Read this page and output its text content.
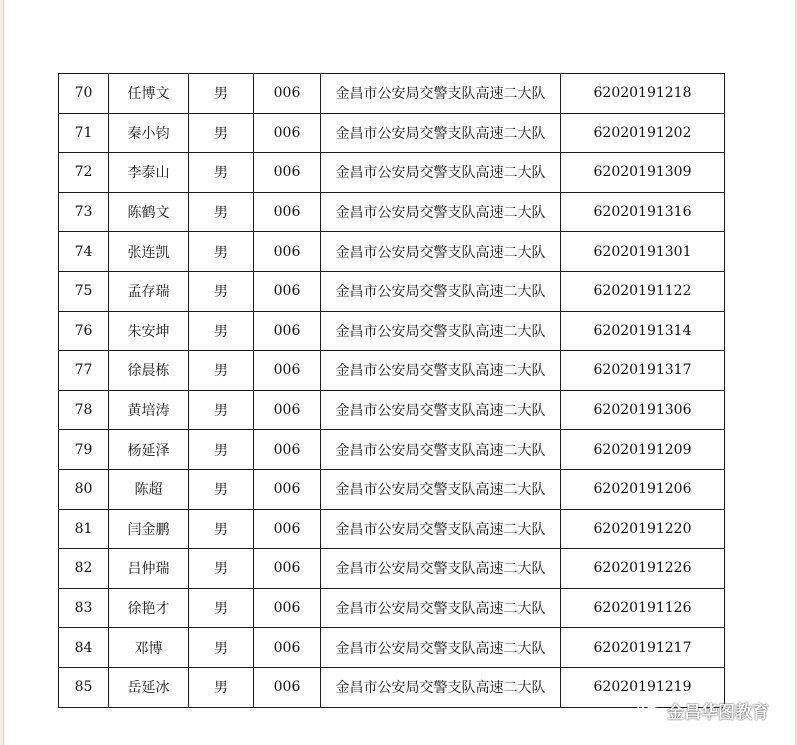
70	任博文	男	006	金昌市公安局交警支队高速二大队	62020191218
71	秦小钧	男	006	金昌市公安局交警支队高速二大队	62020191202
72	李泰山	男	006	金昌市公安局交警支队高速二大队	62020191309
73	陈鹤文	男	006	金昌市公安局交警支队高速二大队	62020191316
74	张连凯	男	006	金昌市公安局交警支队高速二大队	62020191301
75	孟存瑞	男	006	金昌市公安局交警支队高速二大队	62020191122
76	朱安坤	男	006	金昌市公安局交警支队高速二大队	62020191314
77	徐晨栋	男	006	金昌市公安局交警支队高速二大队	62020191317
78	黄培涛	男	006	金昌市公安局交警支队高速二大队	62020191306
79	杨延泽	男	006	金昌市公安局交警支队高速二大队	62020191209
80	陈超	男	006	金昌市公安局交警支队高速二大队	62020191206
81	闫金鹏	男	006	金昌市公安局交警支队高速二大队	62020191220
82	吕仲瑞	男	006	金昌市公安局交警支队高速二大队	62020191226
83	徐艳才	男	006	金昌市公安局交警支队高速二大队	62020191126
84	邓博	男	006	金昌市公安局交警支队高速二大队	62020191217
85	岳延冰	男	006	金昌市公安局交警支队高速二大队	62020191219
金昌华图教育
